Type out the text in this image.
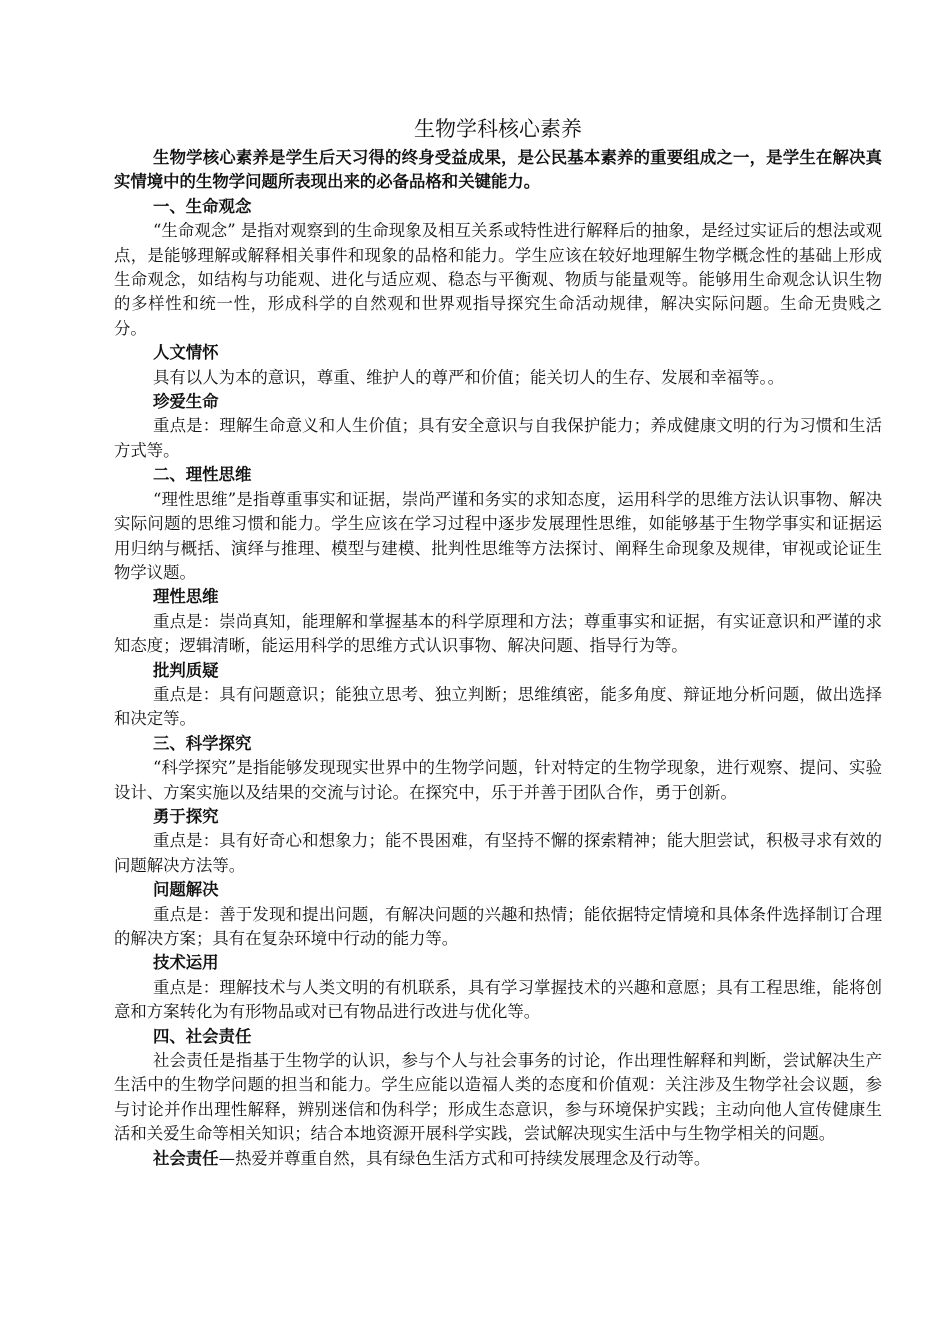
生物学科核心素养

生物学核心素养是学生后天习得的终身受益成果，是公民基本素养的重要组成之一，是学生在解决真实情境中的生物学问题所表现出来的必备品格和关键能力。

一、生命观念

“生命观念” 是指对观察到的生命现象及相互关系或特性进行解释后的抽象，是经过实证后的想法或观点，是能够理解或解释相关事件和现象的品格和能力。学生应该在较好地理解生物学概念性的基础上形成生命观念，如结构与功能观、进化与适应观、稳态与平衡观、物质与能量观等。能够用生命观念认识生物的多样性和统一性，形成科学的自然观和世界观指导探究生命活动规律，解决实际问题。生命无贵贱之分。

人文情怀

具有以人为本的意识，尊重、维护人的尊严和价值；能关切人的生存、发展和幸福等。。

珍爱生命

重点是：理解生命意义和人生价值；具有安全意识与自我保护能力；养成健康文明的行为习惯和生活方式等。

二、理性思维

“理性思维”是指尊重事实和证据，崇尚严谨和务实的求知态度，运用科学的思维方法认识事物、解决实际问题的思维习惯和能力。学生应该在学习过程中逐步发展理性思维，如能够基于生物学事实和证据运用归纳与概括、演绎与推理、模型与建模、批判性思维等方法探讨、阐释生命现象及规律，审视或论证生物学议题。

理性思维

重点是：崇尚真知，能理解和掌握基本的科学原理和方法；尊重事实和证据，有实证意识和严谨的求知态度；逻辑清晰，能运用科学的思维方式认识事物、解决问题、指导行为等。

批判质疑

重点是：具有问题意识；能独立思考、独立判断；思维缜密，能多角度、辩证地分析问题，做出选择和决定等。

三、科学探究

“科学探究”是指能够发现现实世界中的生物学问题，针对特定的生物学现象，进行观察、提问、实验设计、方案实施以及结果的交流与讨论。在探究中，乐于并善于团队合作，勇于创新。

勇于探究

重点是：具有好奇心和想象力；能不畏困难，有坚持不懈的探索精神；能大胆尝试，积极寻求有效的问题解决方法等。

问题解决

重点是：善于发现和提出问题，有解决问题的兴趣和热情；能依据特定情境和具体条件选择制订合理的解决方案；具有在复杂环境中行动的能力等。

技术运用

重点是：理解技术与人类文明的有机联系，具有学习掌握技术的兴趣和意愿；具有工程思维，能将创意和方案转化为有形物品或对已有物品进行改进与优化等。

四、社会责任

社会责任是指基于生物学的认识，参与个人与社会事务的讨论，作出理性解释和判断，尝试解决生产生活中的生物学问题的担当和能力。学生应能以造福人类的态度和价值观：关注涉及生物学社会议题，参与讨论并作出理性解释，辨别迷信和伪科学；形成生态意识，参与环境保护实践；主动向他人宣传健康生活和关爱生命等相关知识；结合本地资源开展科学实践，尝试解决现实生活中与生物学相关的问题。

社会责任—热爱并尊重自然，具有绿色生活方式和可持续发展理念及行动等。
